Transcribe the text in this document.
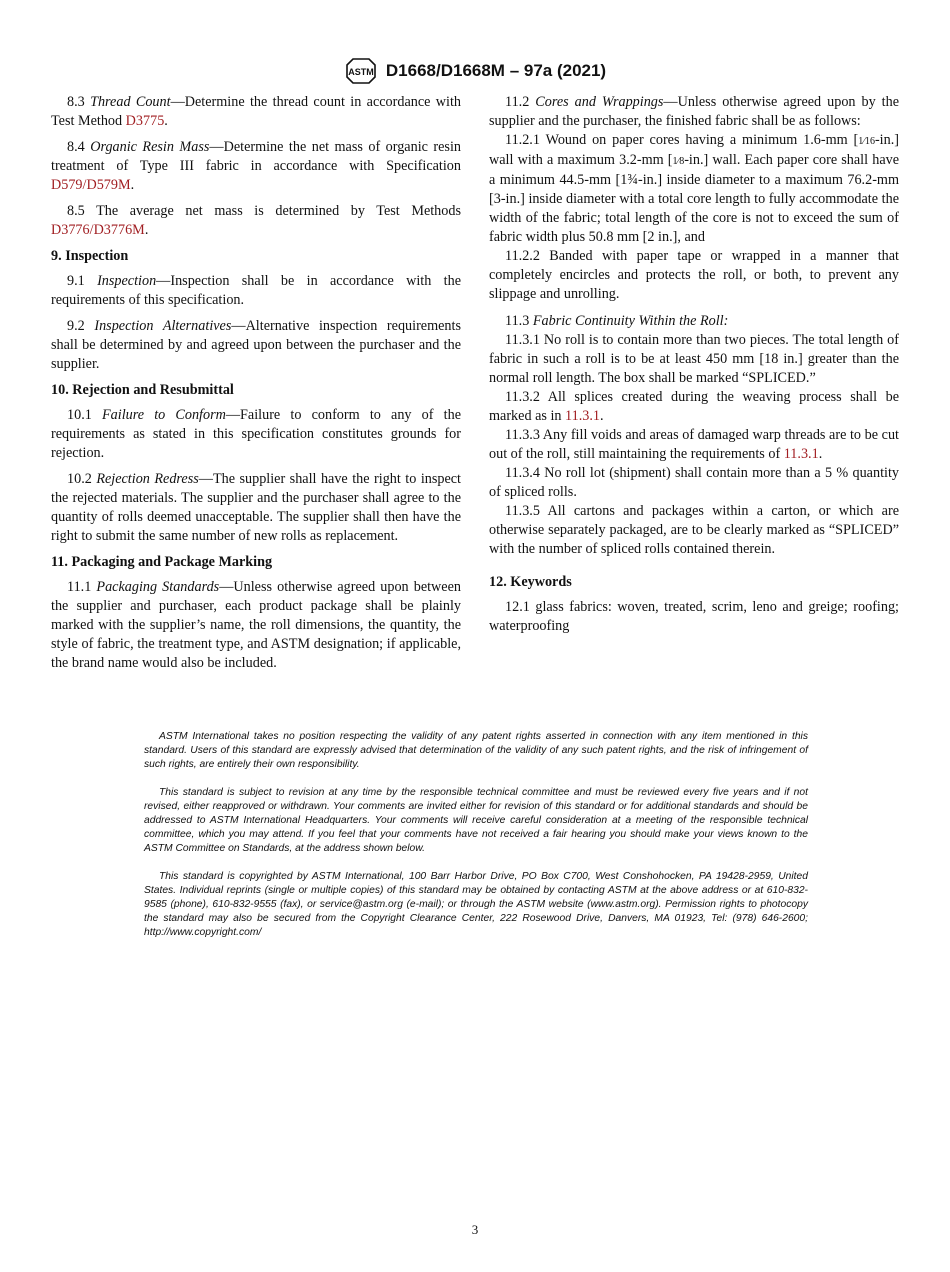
ASTM D1668/D1668M – 97a (2021)

8.3 Thread Count—Determine the thread count in accordance with Test Method D3775.

8.4 Organic Resin Mass—Determine the net mass of organic resin treatment of Type III fabric in accordance with Specification D579/D579M.

8.5 The average net mass is determined by Test Methods D3776/D3776M.

9. Inspection

9.1 Inspection—Inspection shall be in accordance with the requirements of this specification.

9.2 Inspection Alternatives—Alternative inspection requirements shall be determined by and agreed upon between the purchaser and the supplier.

10. Rejection and Resubmittal

10.1 Failure to Conform—Failure to conform to any of the requirements as stated in this specification constitutes grounds for rejection.

10.2 Rejection Redress—The supplier shall have the right to inspect the rejected materials. The supplier and the purchaser shall agree to the quantity of rolls deemed unacceptable. The supplier shall then have the right to submit the same number of new rolls as replacement.

11. Packaging and Package Marking

11.1 Packaging Standards—Unless otherwise agreed upon between the supplier and purchaser, each product package shall be plainly marked with the supplier’s name, the roll dimensions, the quantity, the style of fabric, the treatment type, and ASTM designation; if applicable, the brand name would also be included.

11.2 Cores and Wrappings—Unless otherwise agreed upon by the supplier and the purchaser, the finished fabric shall be as follows:

11.2.1 Wound on paper cores having a minimum 1.6-mm [1⁄16-in.] wall with a maximum 3.2-mm [1⁄8-in.] wall. Each paper core shall have a minimum 44.5-mm [1¾-in.] inside diameter to a maximum 76.2-mm [3-in.] inside diameter with a total core length to fully accommodate the width of the fabric; total length of the core is not to exceed the sum of fabric width plus 50.8 mm [2 in.], and

11.2.2 Banded with paper tape or wrapped in a manner that completely encircles and protects the roll, or both, to prevent any slippage and unrolling.

11.3 Fabric Continuity Within the Roll:

11.3.1 No roll is to contain more than two pieces. The total length of fabric in such a roll is to be at least 450 mm [18 in.] greater than the normal roll length. The box shall be marked “SPLICED.”

11.3.2 All splices created during the weaving process shall be marked as in 11.3.1.

11.3.3 Any fill voids and areas of damaged warp threads are to be cut out of the roll, still maintaining the requirements of 11.3.1.

11.3.4 No roll lot (shipment) shall contain more than a 5 % quantity of spliced rolls.

11.3.5 All cartons and packages within a carton, or which are otherwise separately packaged, are to be clearly marked as “SPLICED” with the number of spliced rolls contained therein.

12. Keywords

12.1 glass fabrics: woven, treated, scrim, leno and greige; roofing; waterproofing

ASTM International takes no position respecting the validity of any patent rights asserted in connection with any item mentioned in this standard. Users of this standard are expressly advised that determination of the validity of any such patent rights, and the risk of infringement of such rights, are entirely their own responsibility.

This standard is subject to revision at any time by the responsible technical committee and must be reviewed every five years and if not revised, either reapproved or withdrawn. Your comments are invited either for revision of this standard or for additional standards and should be addressed to ASTM International Headquarters. Your comments will receive careful consideration at a meeting of the responsible technical committee, which you may attend. If you feel that your comments have not received a fair hearing you should make your views known to the ASTM Committee on Standards, at the address shown below.

This standard is copyrighted by ASTM International, 100 Barr Harbor Drive, PO Box C700, West Conshohocken, PA 19428-2959, United States. Individual reprints (single or multiple copies) of this standard may be obtained by contacting ASTM at the above address or at 610-832-9585 (phone), 610-832-9555 (fax), or service@astm.org (e-mail); or through the ASTM website (www.astm.org). Permission rights to photocopy the standard may also be secured from the Copyright Clearance Center, 222 Rosewood Drive, Danvers, MA 01923, Tel: (978) 646-2600; http://www.copyright.com/

3
